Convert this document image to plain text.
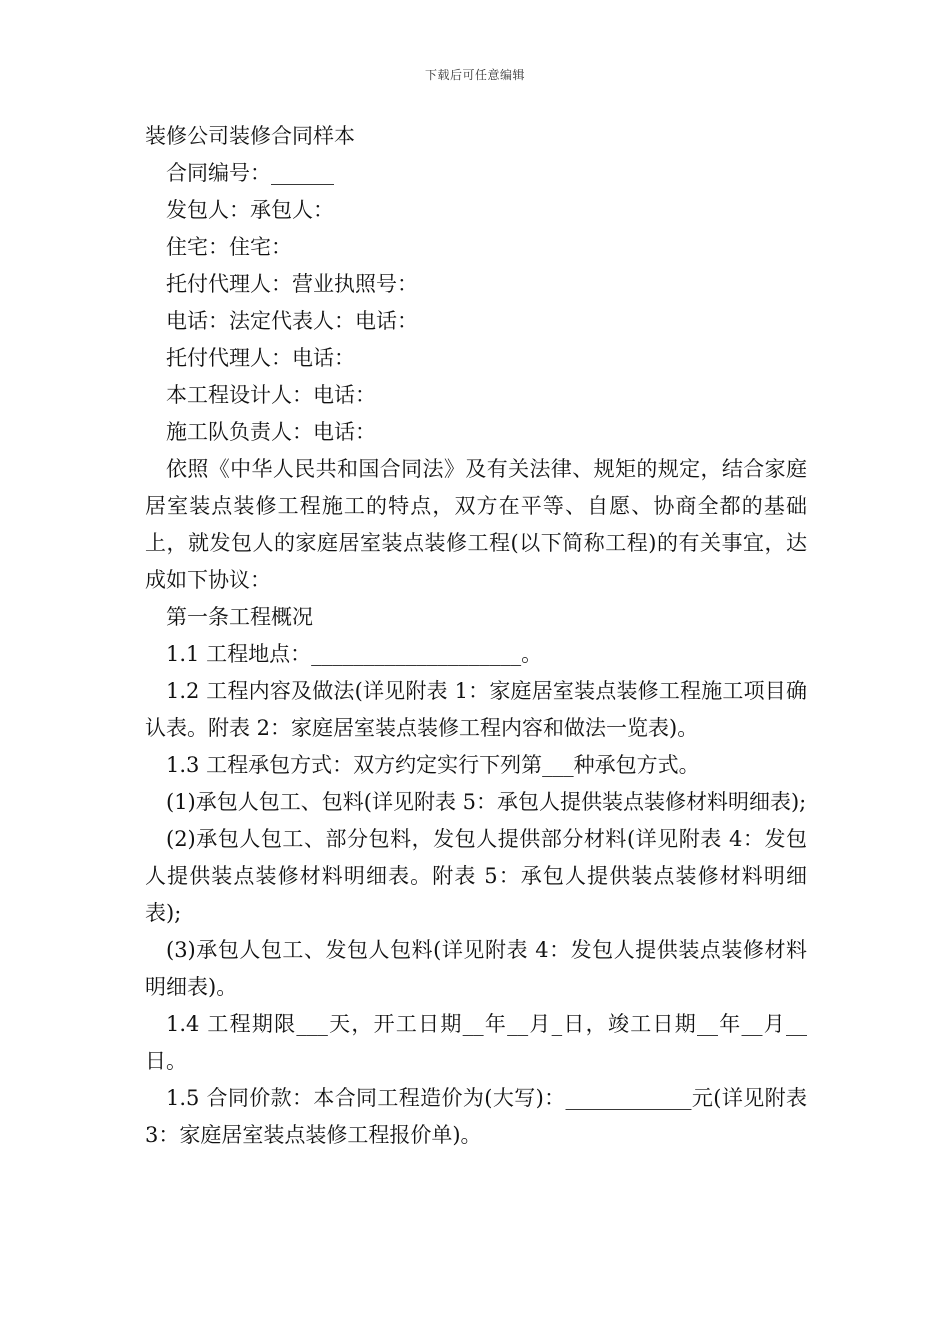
下载后可任意编辑

装修公司装修合同样本

合同编号：______

发包人：承包人：

住宅：住宅：

托付代理人：营业执照号：

电话：法定代表人：电话：

托付代理人：电话：

本工程设计人：电话：

施工队负责人：电话：

依照《中华人民共和国合同法》及有关法律、规矩的规定，结合家庭居室装点装修工程施工的特点，双方在平等、自愿、协商全都的基础上，就发包人的家庭居室装点装修工程(以下简称工程)的有关事宜，达成如下协议：

第一条工程概况

1.1 工程地点：____________________。

1.2 工程内容及做法(详见附表 1：家庭居室装点装修工程施工项目确认表。附表 2：家庭居室装点装修工程内容和做法一览表)。

1.3 工程承包方式：双方约定实行下列第___种承包方式。

(1)承包人包工、包料(详见附表 5：承包人提供装点装修材料明细表);

(2)承包人包工、部分包料，发包人提供部分材料(详见附表 4：发包人提供装点装修材料明细表。附表 5：承包人提供装点装修材料明细表);

(3)承包人包工、发包人包料(详见附表 4：发包人提供装点装修材料明细表)。

1.4 工程期限___天，开工日期__年__月_日，竣工日期__年__月__日。

1.5 合同价款：本合同工程造价为(大写)：____________元(详见附表 3：家庭居室装点装修工程报价单)。
